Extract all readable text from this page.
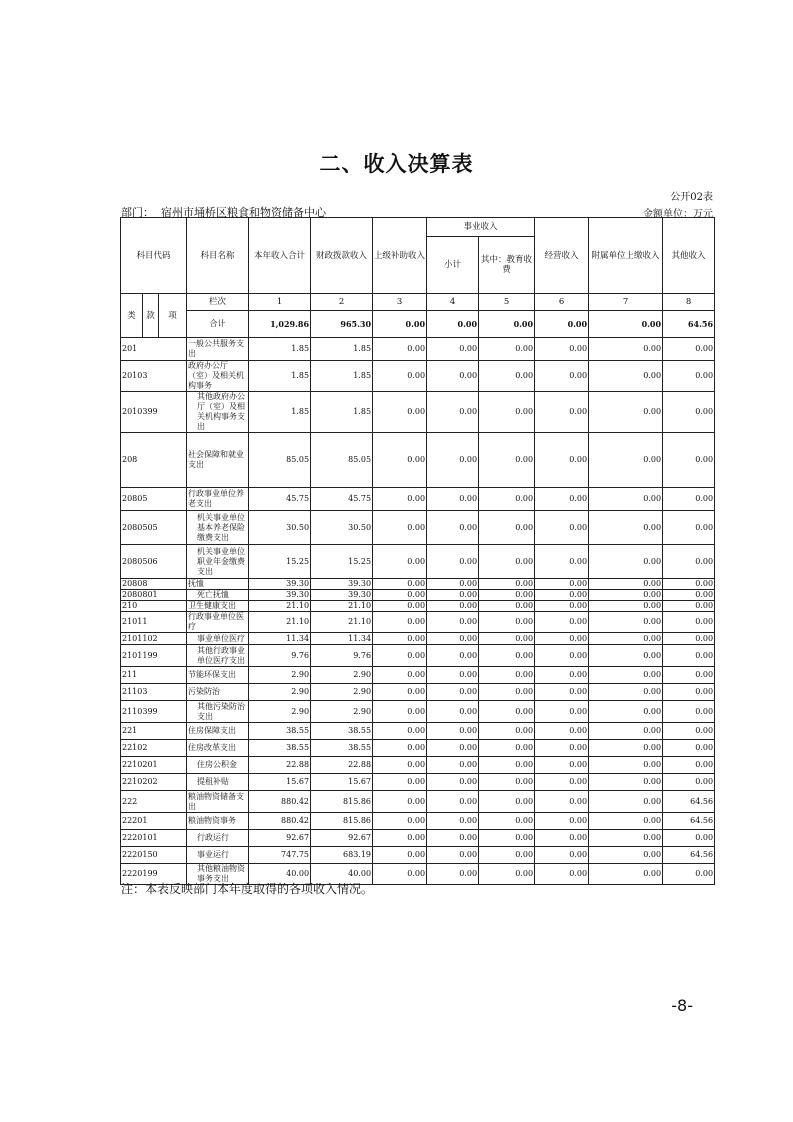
二、收入决算表
公开02表
部门： 宿州市埇桥区粮食和物资储备中心	金额单位：万元
科目代码			科目名称	本年收入合计	财政拨款收入	上级补助收入	事业收入		经营收入	附属单位上缴收入	其他收入
							小计	其中：教育收费			
类	款	项	栏次	1	2	3	4	5	6	7	8
			合计	1,029.86	965.30	0.00	0.00	0.00	0.00	0.00	64.56
201			一般公共服务支出	1.85	1.85	0.00	0.00	0.00	0.00	0.00	0.00
20103			政府办公厅（室）及相关机构事务	1.85	1.85	0.00	0.00	0.00	0.00	0.00	0.00
2010399			其他政府办公厅（室）及相关机构事务支出	1.85	1.85	0.00	0.00	0.00	0.00	0.00	0.00
208			社会保障和就业支出	85.05	85.05	0.00	0.00	0.00	0.00	0.00	0.00
20805			行政事业单位养老支出	45.75	45.75	0.00	0.00	0.00	0.00	0.00	0.00
2080505			机关事业单位基本养老保险缴费支出	30.50	30.50	0.00	0.00	0.00	0.00	0.00	0.00
2080506			机关事业单位职业年金缴费支出	15.25	15.25	0.00	0.00	0.00	0.00	0.00	0.00
20808			抚恤	39.30	39.30	0.00	0.00	0.00	0.00	0.00	0.00
2080801			死亡抚恤	39.30	39.30	0.00	0.00	0.00	0.00	0.00	0.00
210			卫生健康支出	21.10	21.10	0.00	0.00	0.00	0.00	0.00	0.00
21011			行政事业单位医疗	21.10	21.10	0.00	0.00	0.00	0.00	0.00	0.00
2101102			事业单位医疗	11.34	11.34	0.00	0.00	0.00	0.00	0.00	0.00
2101199			其他行政事业单位医疗支出	9.76	9.76	0.00	0.00	0.00	0.00	0.00	0.00
211			节能环保支出	2.90	2.90	0.00	0.00	0.00	0.00	0.00	0.00
21103			污染防治	2.90	2.90	0.00	0.00	0.00	0.00	0.00	0.00
2110399			其他污染防治支出	2.90	2.90	0.00	0.00	0.00	0.00	0.00	0.00
221			住房保障支出	38.55	38.55	0.00	0.00	0.00	0.00	0.00	0.00
22102			住房改革支出	38.55	38.55	0.00	0.00	0.00	0.00	0.00	0.00
2210201			住房公积金	22.88	22.88	0.00	0.00	0.00	0.00	0.00	0.00
2210202			提租补贴	15.67	15.67	0.00	0.00	0.00	0.00	0.00	0.00
222			粮油物资储备支出	880.42	815.86	0.00	0.00	0.00	0.00	0.00	64.56
22201			粮油物资事务	880.42	815.86	0.00	0.00	0.00	0.00	0.00	64.56
2220101			行政运行	92.67	92.67	0.00	0.00	0.00	0.00	0.00	0.00
2220150			事业运行	747.75	683.19	0.00	0.00	0.00	0.00	0.00	64.56
2220199			其他粮油物资事务支出	40.00	40.00	0.00	0.00	0.00	0.00	0.00	0.00
注：本表反映部门本年度取得的各项收入情况。
-8-
